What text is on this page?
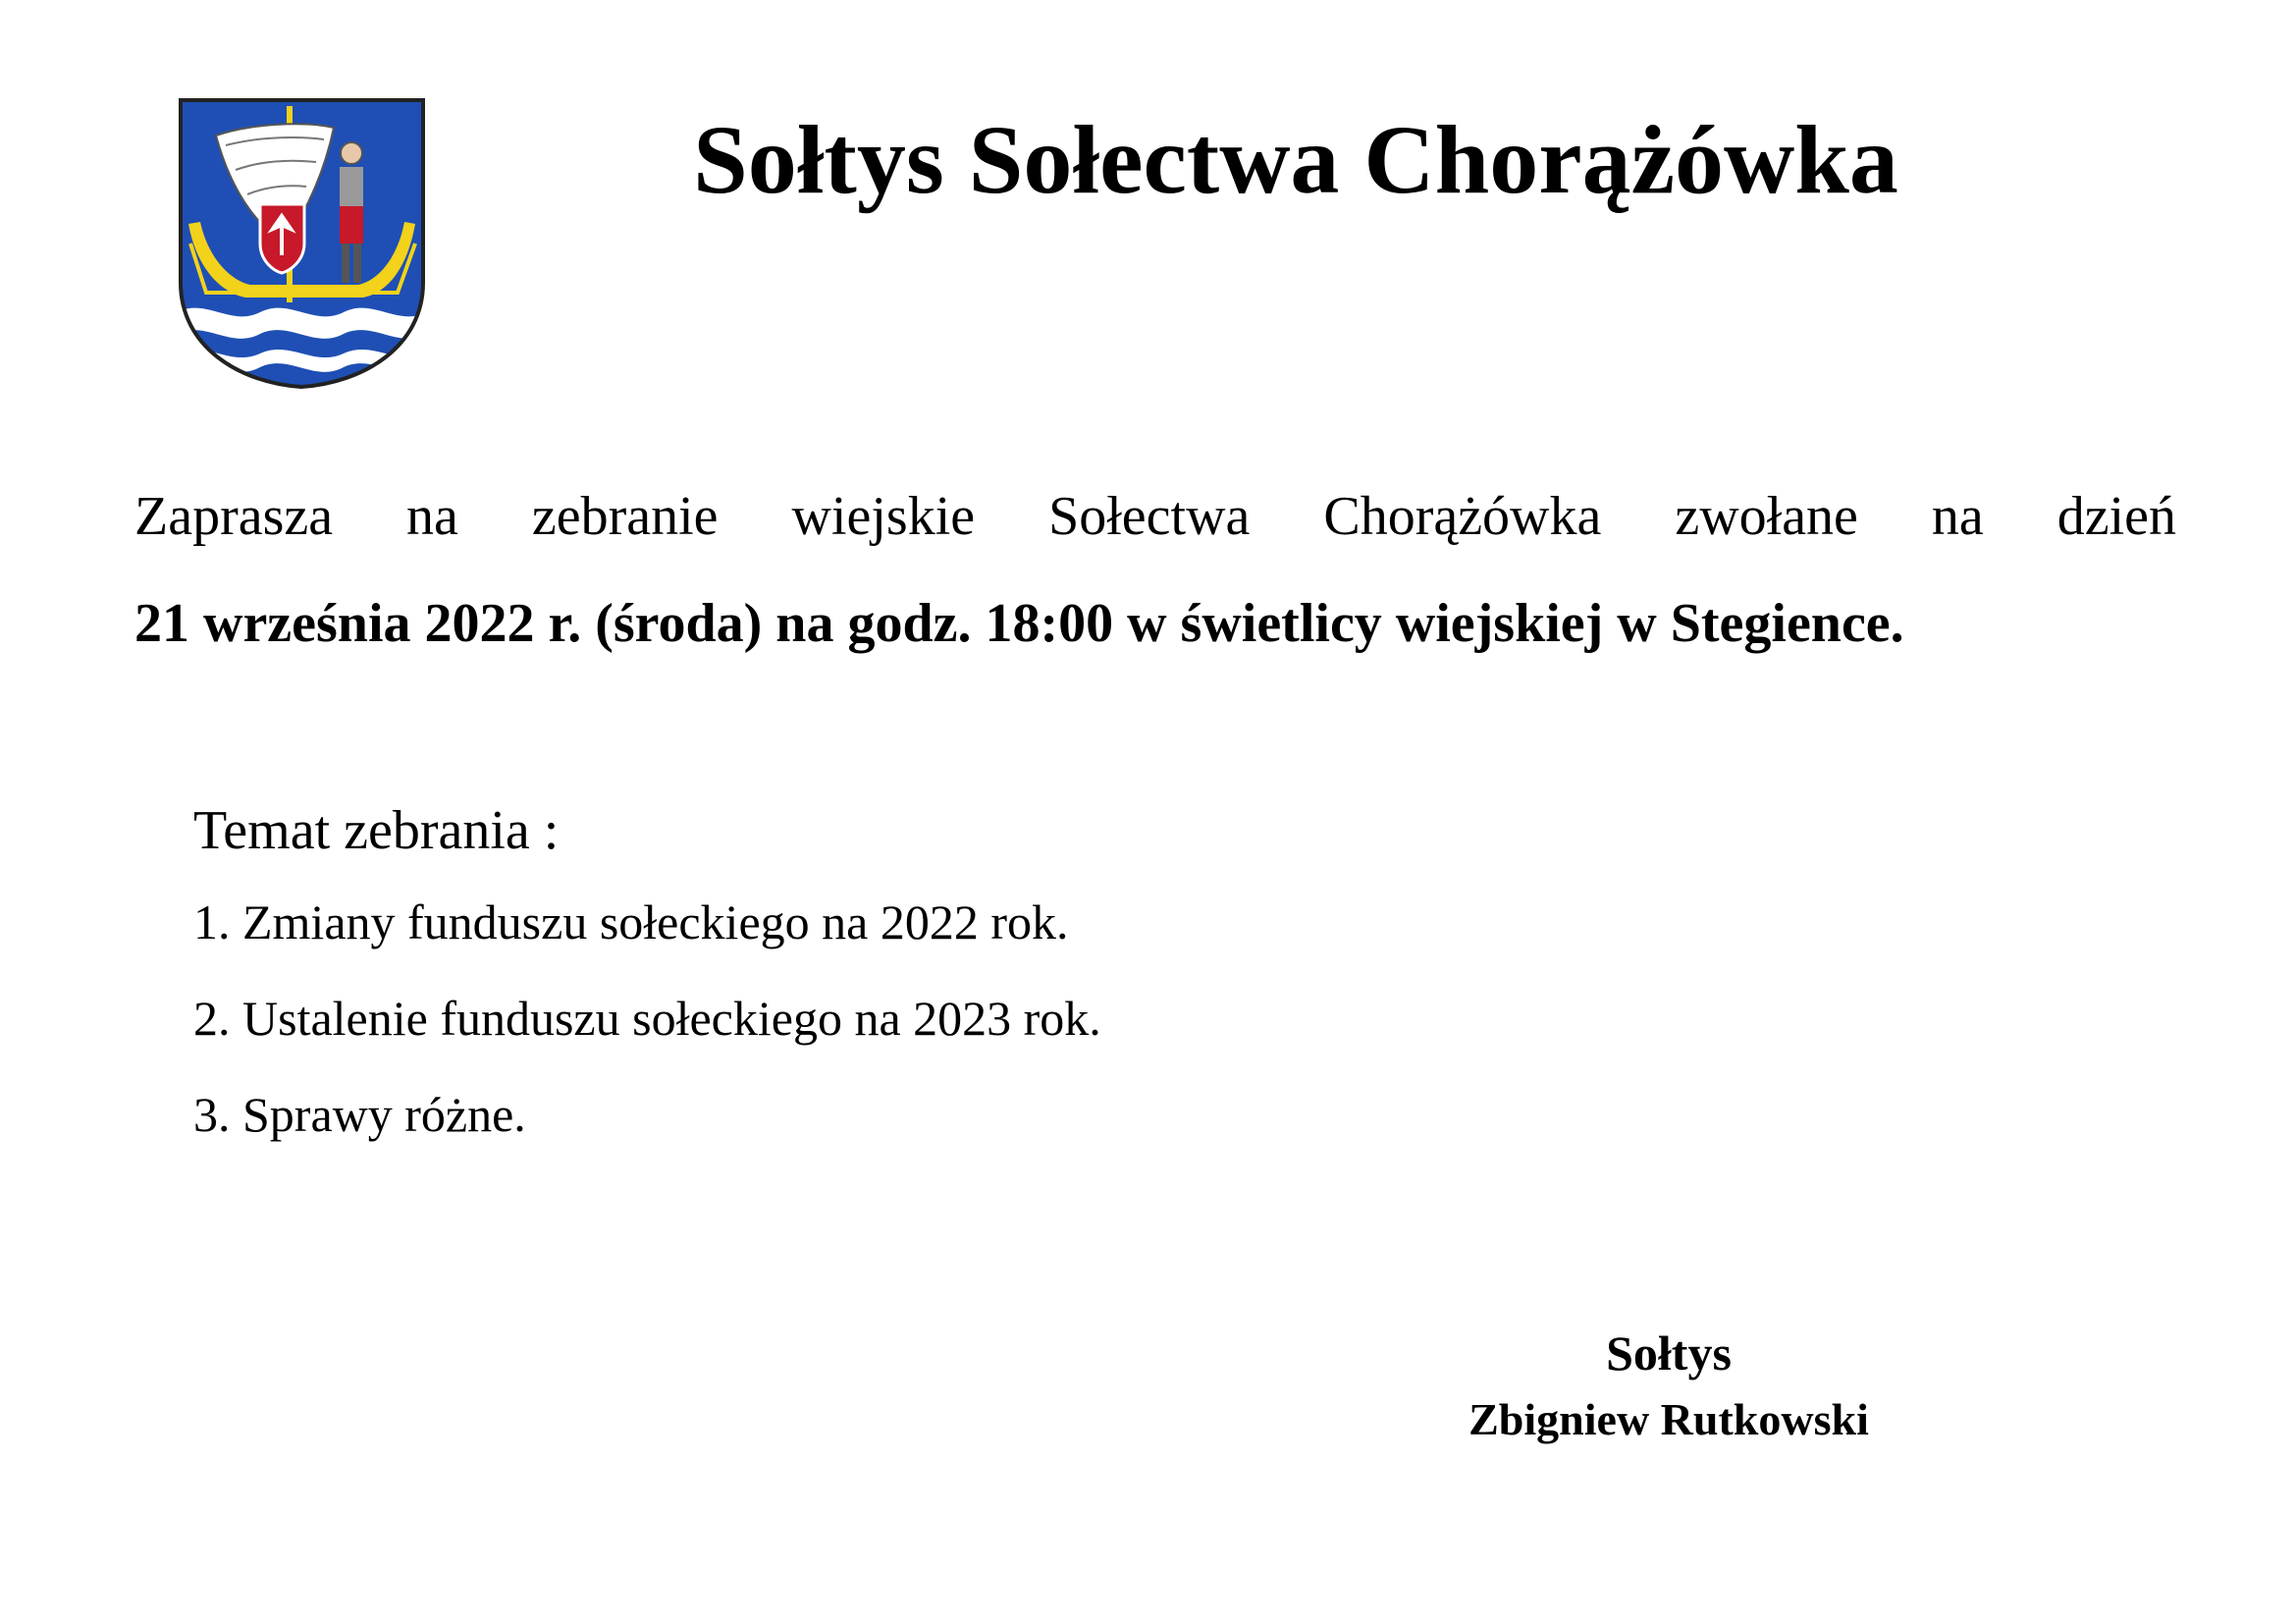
Sołtys Sołectwa Chorążówka
Zaprasza na zebranie wiejskie Sołectwa Chorążówka zwołane na dzień
21 września 2022 r. (środa) na godz. 18:00 w świetlicy wiejskiej w Stegience.
Temat zebrania :
1. Zmiany funduszu sołeckiego na 2022 rok.
2. Ustalenie funduszu sołeckiego na 2023 rok.
3. Sprawy różne.
Sołtys
Zbigniew Rutkowski
